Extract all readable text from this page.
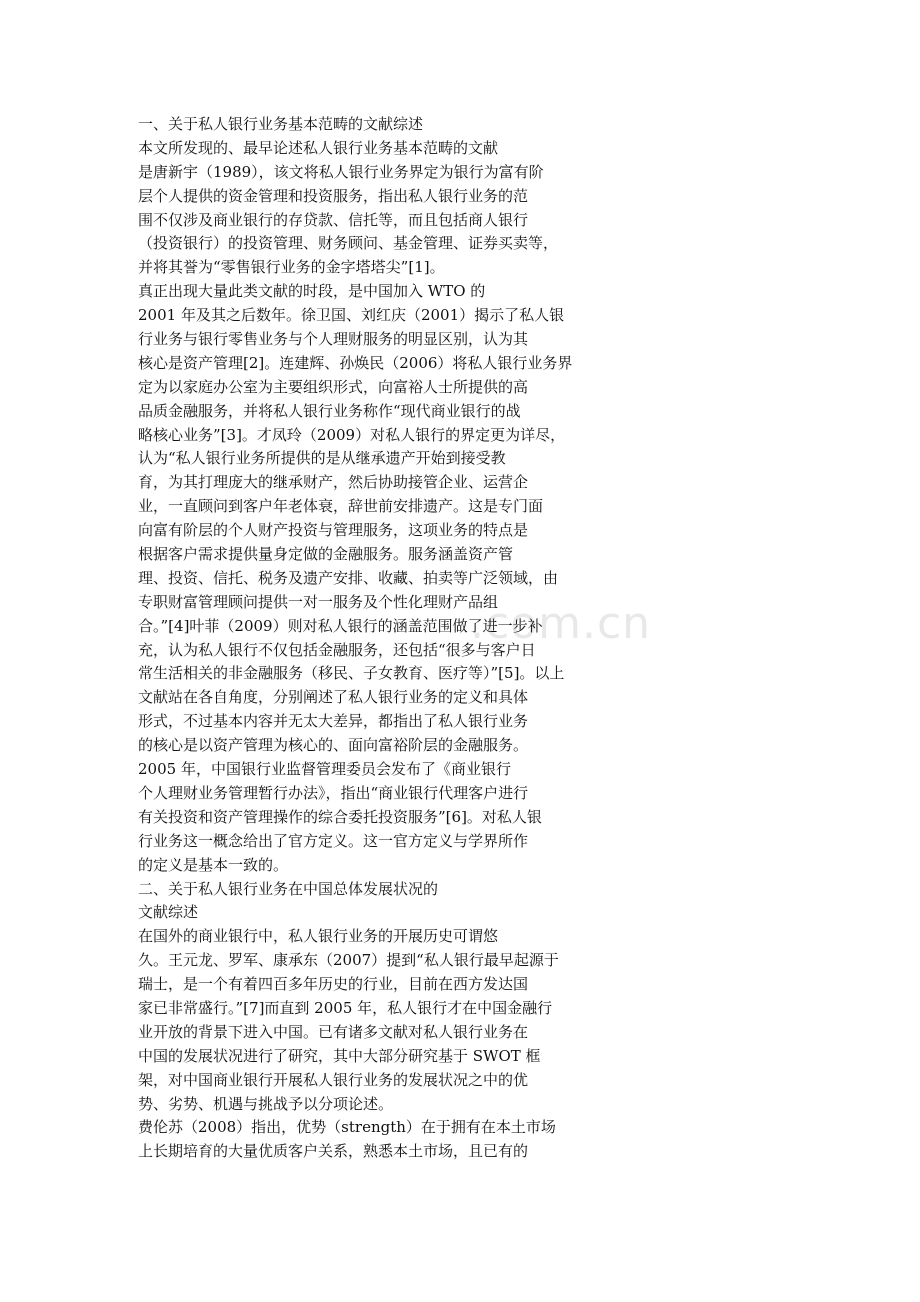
.com.cn
一、关于私人银行业务基本范畴的文献综述
本文所发现的、最早论述私人银行业务基本范畴的文献
是唐新宇（1989），该文将私人银行业务界定为银行为富有阶
层个人提供的资金管理和投资服务，指出私人银行业务的范
围不仅涉及商业银行的存贷款、信托等，而且包括商人银行
（投资银行）的投资管理、财务顾问、基金管理、证券买卖等，
并将其誉为“零售银行业务的金字塔塔尖”[1]。
真正出现大量此类文献的时段，是中国加入 WTO 的
2001 年及其之后数年。徐卫国、刘红庆（2001）揭示了私人银
行业务与银行零售业务与个人理财服务的明显区别，认为其
核心是资产管理[2]。连建辉、孙焕民（2006）将私人银行业务界
定为以家庭办公室为主要组织形式，向富裕人士所提供的高
品质金融服务，并将私人银行业务称作“现代商业银行的战
略核心业务”[3]。才凤玲（2009）对私人银行的界定更为详尽，
认为“私人银行业务所提供的是从继承遗产开始到接受教
育，为其打理庞大的继承财产，然后协助接管企业、运营企
业，一直顾问到客户年老体衰，辞世前安排遗产。这是专门面
向富有阶层的个人财产投资与管理服务，这项业务的特点是
根据客户需求提供量身定做的金融服务。服务涵盖资产管
理、投资、信托、税务及遗产安排、收藏、拍卖等广泛领域，由
专职财富管理顾问提供一对一服务及个性化理财产品组
合。”[4]叶菲（2009）则对私人银行的涵盖范围做了进一步补
充，认为私人银行不仅包括金融服务，还包括“很多与客户日
常生活相关的非金融服务（移民、子女教育、医疗等）”[5]。以上
文献站在各自角度，分别阐述了私人银行业务的定义和具体
形式，不过基本内容并无太大差异，都指出了私人银行业务
的核心是以资产管理为核心的、面向富裕阶层的金融服务。
2005 年，中国银行业监督管理委员会发布了《商业银行
个人理财业务管理暂行办法》，指出“商业银行代理客户进行
有关投资和资产管理操作的综合委托投资服务”[6]。对私人银
行业务这一概念给出了官方定义。这一官方定义与学界所作
的定义是基本一致的。
二、关于私人银行业务在中国总体发展状况的
文献综述
在国外的商业银行中，私人银行业务的开展历史可谓悠
久。王元龙、罗军、康承东（2007）提到“私人银行最早起源于
瑞士，是一个有着四百多年历史的行业，目前在西方发达国
家已非常盛行。”[7]而直到 2005 年，私人银行才在中国金融行
业开放的背景下进入中国。已有诸多文献对私人银行业务在
中国的发展状况进行了研究，其中大部分研究基于 SWOT 框
架，对中国商业银行开展私人银行业务的发展状况之中的优
势、劣势、机遇与挑战予以分项论述。
费伦苏（2008）指出，优势（strength）在于拥有在本土市场
上长期培育的大量优质客户关系，熟悉本土市场，且已有的
